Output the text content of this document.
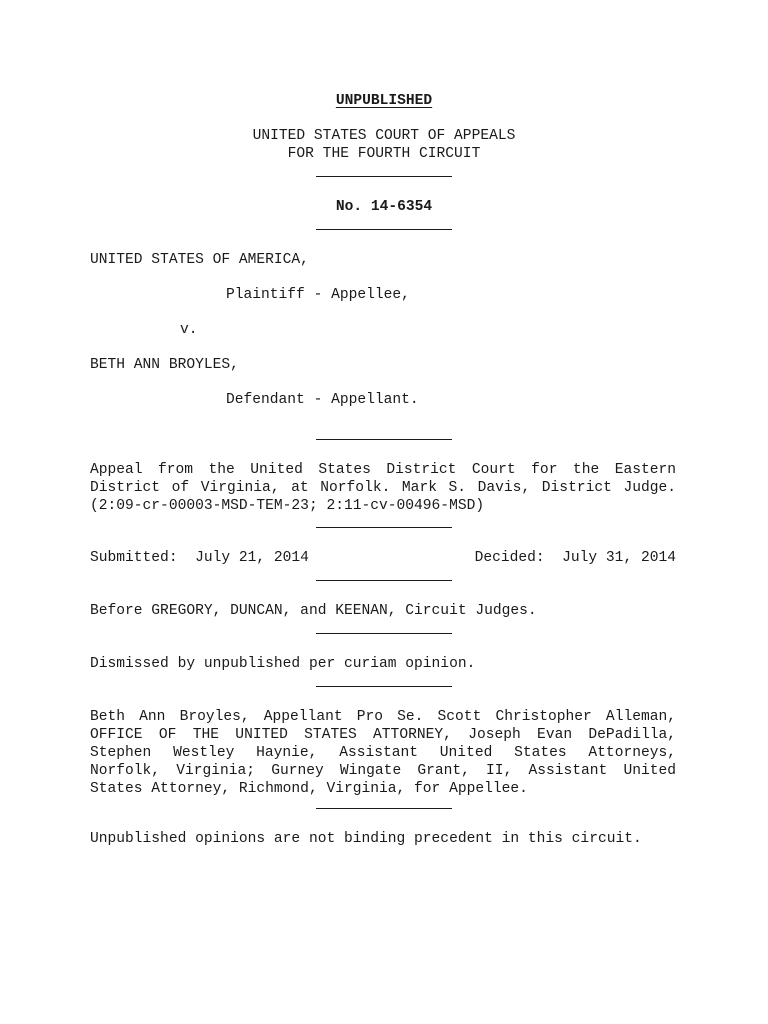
UNPUBLISHED
UNITED STATES COURT OF APPEALS
FOR THE FOURTH CIRCUIT
No. 14-6354
UNITED STATES OF AMERICA,
Plaintiff - Appellee,
v.
BETH ANN BROYLES,
Defendant - Appellant.
Appeal from the United States District Court for the Eastern District of Virginia, at Norfolk. Mark S. Davis, District Judge. (2:09-cr-00003-MSD-TEM-23; 2:11-cv-00496-MSD)
Submitted:  July 21, 2014	Decided:  July 31, 2014
Before GREGORY, DUNCAN, and KEENAN, Circuit Judges.
Dismissed by unpublished per curiam opinion.
Beth Ann Broyles, Appellant Pro Se. Scott Christopher Alleman, OFFICE OF THE UNITED STATES ATTORNEY, Joseph Evan DePadilla, Stephen Westley Haynie, Assistant United States Attorneys, Norfolk, Virginia; Gurney Wingate Grant, II, Assistant United States Attorney, Richmond, Virginia, for Appellee.
Unpublished opinions are not binding precedent in this circuit.
